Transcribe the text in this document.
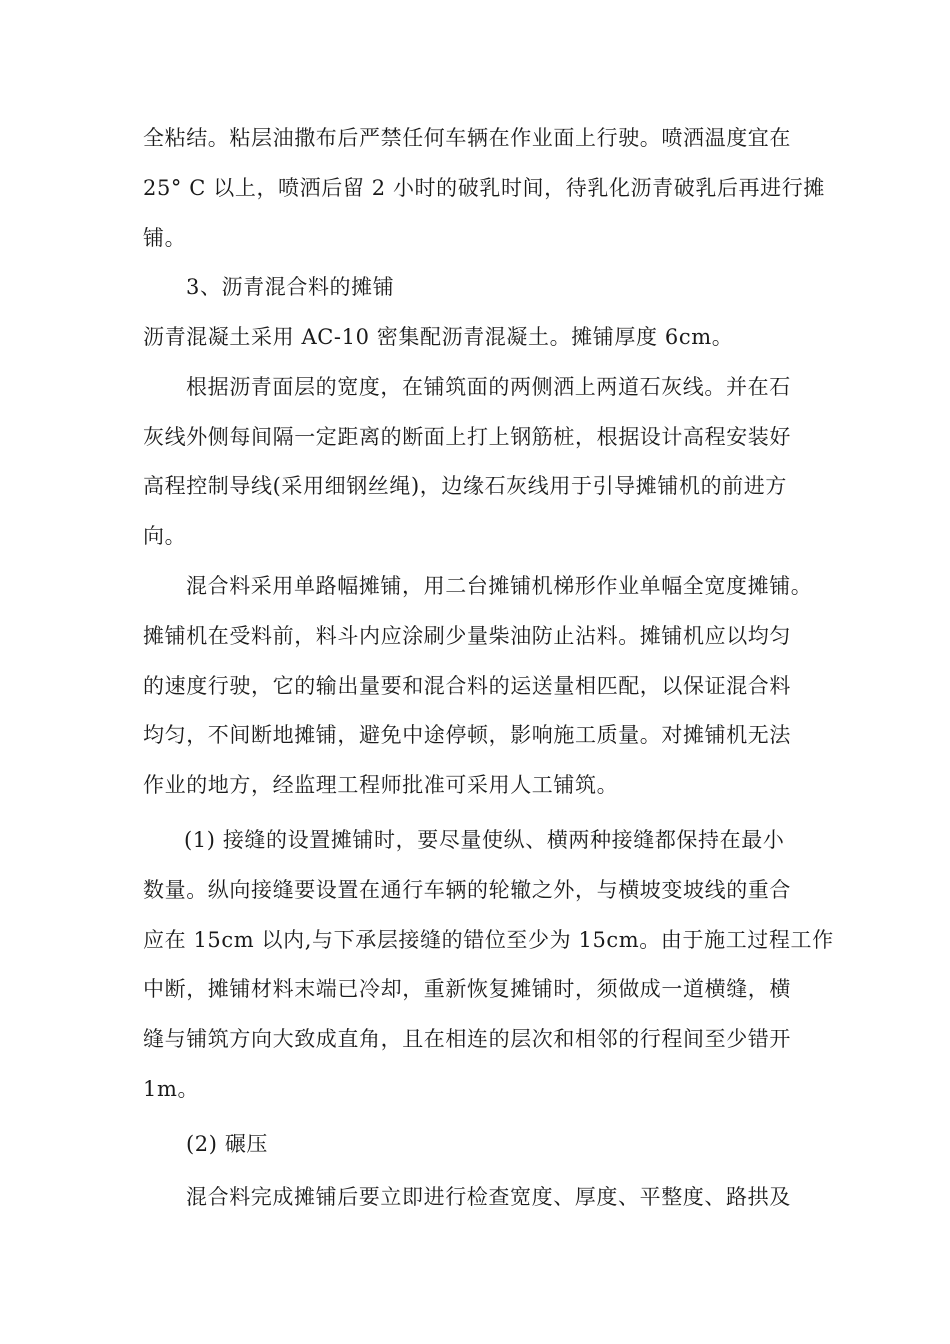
全粘结。粘层油撒布后严禁任何车辆在作业面上行驶。喷洒温度宜在
25° C 以上，喷洒后留 2 小时的破乳时间，待乳化沥青破乳后再进行摊
铺。
3、沥青混合料的摊铺
沥青混凝土采用 AC-10 密集配沥青混凝土。摊铺厚度 6cm。
根据沥青面层的宽度，在铺筑面的两侧洒上两道石灰线。并在石
灰线外侧每间隔一定距离的断面上打上钢筋桩，根据设计高程安装好
高程控制导线(采用细钢丝绳)，边缘石灰线用于引导摊铺机的前进方
向。
混合料采用单路幅摊铺，用二台摊铺机梯形作业单幅全宽度摊铺。
摊铺机在受料前，料斗内应涂刷少量柴油防止沾料。摊铺机应以均匀
的速度行驶，它的输出量要和混合料的运送量相匹配，以保证混合料
均匀，不间断地摊铺，避免中途停顿，影响施工质量。对摊铺机无法
作业的地方，经监理工程师批准可采用人工铺筑。
(1) 接缝的设置摊铺时，要尽量使纵、横两种接缝都保持在最小
数量。纵向接缝要设置在通行车辆的轮辙之外，与横坡变坡线的重合
应在 15cm 以内,与下承层接缝的错位至少为 15cm。由于施工过程工作
中断，摊铺材料末端已冷却，重新恢复摊铺时，须做成一道横缝，横
缝与铺筑方向大致成直角，且在相连的层次和相邻的行程间至少错开
1m。
(2) 碾压
混合料完成摊铺后要立即进行检查宽度、厚度、平整度、路拱及
